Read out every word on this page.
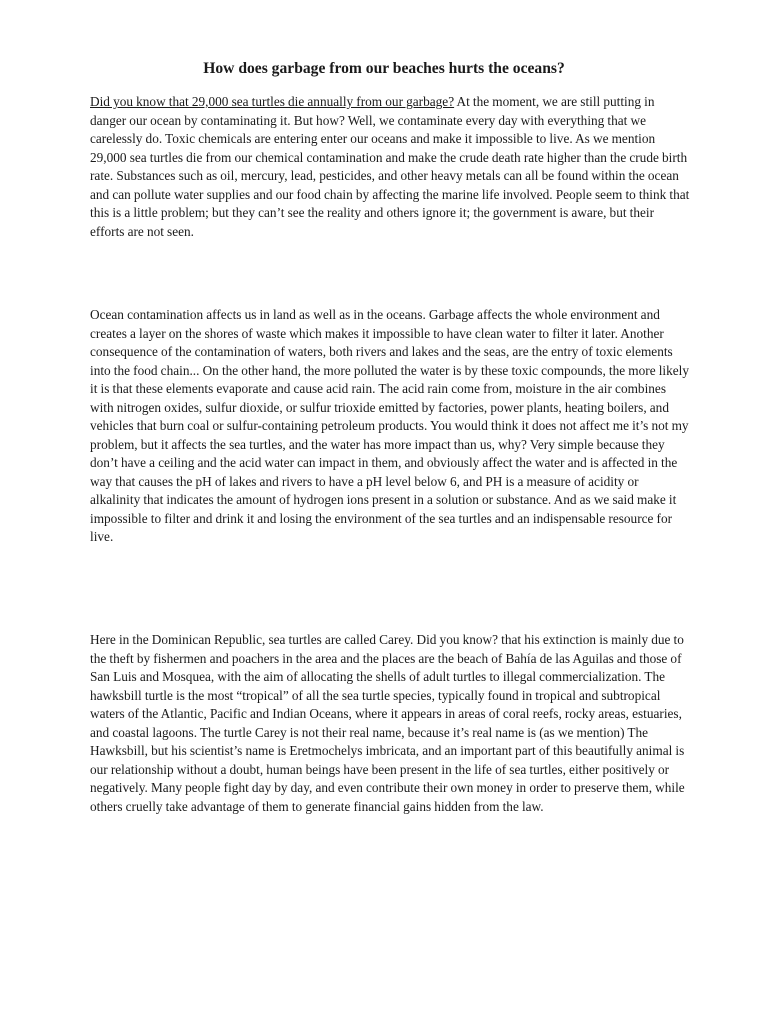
How does garbage from our beaches hurts the oceans?

Did you know that 29,000 sea turtles die annually from our garbage? At the moment, we are still putting in danger our ocean by contaminating it. But how? Well, we contaminate every day with everything that we carelessly do. Toxic chemicals are entering enter our oceans and make it impossible to live. As we mention 29,000 sea turtles die from our chemical contamination and make the crude death rate higher than the crude birth rate. Substances such as oil, mercury, lead, pesticides, and other heavy metals can all be found within the ocean and can pollute water supplies and our food chain by affecting the marine life involved. People seem to think that this is a little problem; but they can’t see the reality and others ignore it; the government is aware, but their efforts are not seen.

Ocean contamination affects us in land as well as in the oceans. Garbage affects the whole environment and creates a layer on the shores of waste which makes it impossible to have clean water to filter it later. Another consequence of the contamination of waters, both rivers and lakes and the seas, are the entry of toxic elements into the food chain... On the other hand, the more polluted the water is by these toxic compounds, the more likely it is that these elements evaporate and cause acid rain. The acid rain come from, moisture in the air combines with nitrogen oxides, sulfur dioxide, or sulfur trioxide emitted by factories, power plants, heating boilers, and vehicles that burn coal or sulfur-containing petroleum products. You would think it does not affect me it’s not my problem, but it affects the sea turtles, and the water has more impact than us, why? Very simple because they don’t have a ceiling and the acid water can impact in them, and obviously affect the water and is affected in the way that causes the pH of lakes and rivers to have a pH level below 6, and PH is a measure of acidity or alkalinity that indicates the amount of hydrogen ions present in a solution or substance. And as we said make it impossible to filter and drink it and losing the environment of the sea turtles and an indispensable resource for live.

Here in the Dominican Republic, sea turtles are called Carey. Did you know? that his extinction is mainly due to the theft by fishermen and poachers in the area and the places are the beach of Bahía de las Aguilas and those of San Luis and Mosquea, with the aim of allocating the shells of adult turtles to illegal commercialization. The hawksbill turtle is the most “tropical” of all the sea turtle species, typically found in tropical and subtropical waters of the Atlantic, Pacific and Indian Oceans, where it appears in areas of coral reefs, rocky areas, estuaries, and coastal lagoons. The turtle Carey is not their real name, because it’s real name is (as we mention) The Hawksbill, but his scientist’s name is Eretmochelys imbricata, and an important part of this beautifully animal is our relationship without a doubt, human beings have been present in the life of sea turtles, either positively or negatively. Many people fight day by day, and even contribute their own money in order to preserve them, while others cruelly take advantage of them to generate financial gains hidden from the law.
